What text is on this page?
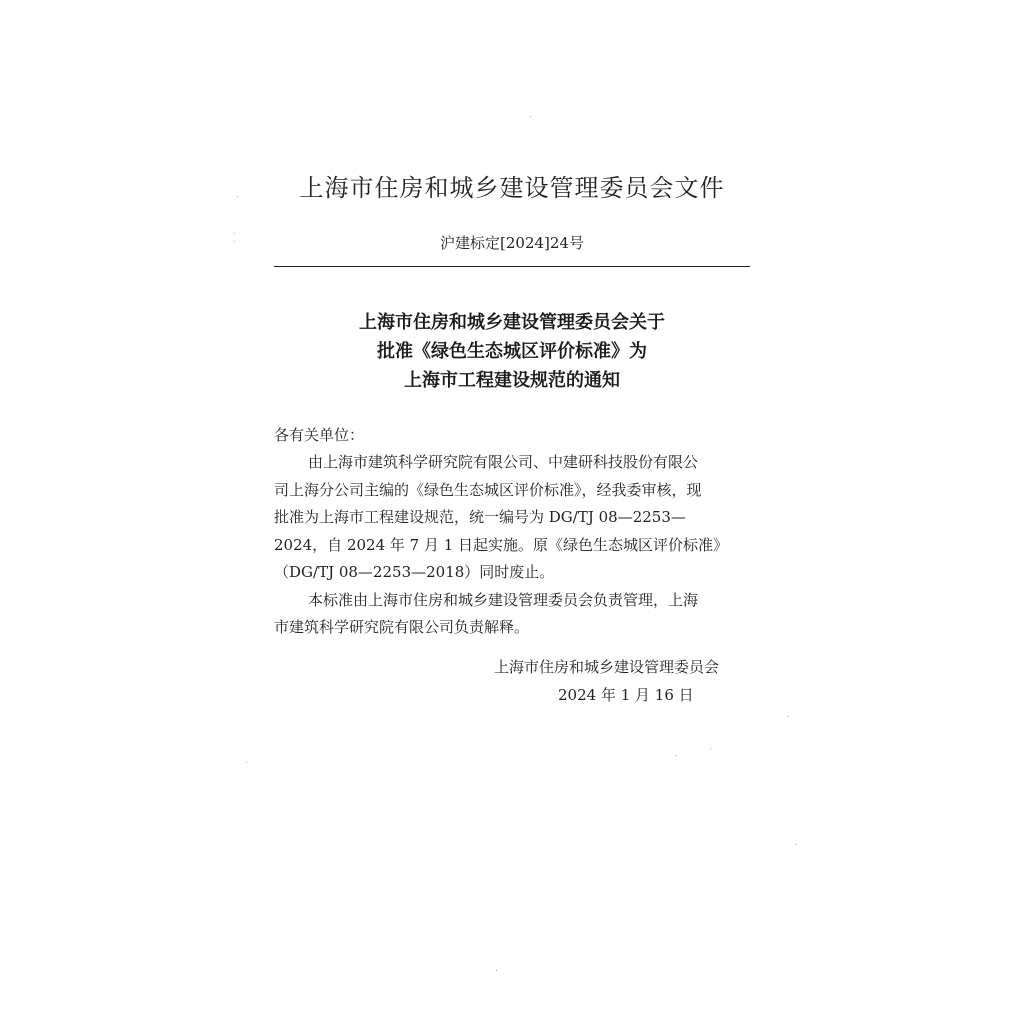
上海市住房和城乡建设管理委员会文件
沪建标定[2024]24号
上海市住房和城乡建设管理委员会关于
批准《绿色生态城区评价标准》为
上海市工程建设规范的通知
各有关单位：
由上海市建筑科学研究院有限公司、中建研科技股份有限公
司上海分公司主编的《绿色生态城区评价标准》，经我委审核，现
批准为上海市工程建设规范，统一编号为 DG/TJ 08—2253—
2024，自 2024 年 7 月 1 日起实施。原《绿色生态城区评价标准》
（DG/TJ 08—2253—2018）同时废止。
本标准由上海市住房和城乡建设管理委员会负责管理，上海
市建筑科学研究院有限公司负责解释。
上海市住房和城乡建设管理委员会
2024 年 1 月 16 日
